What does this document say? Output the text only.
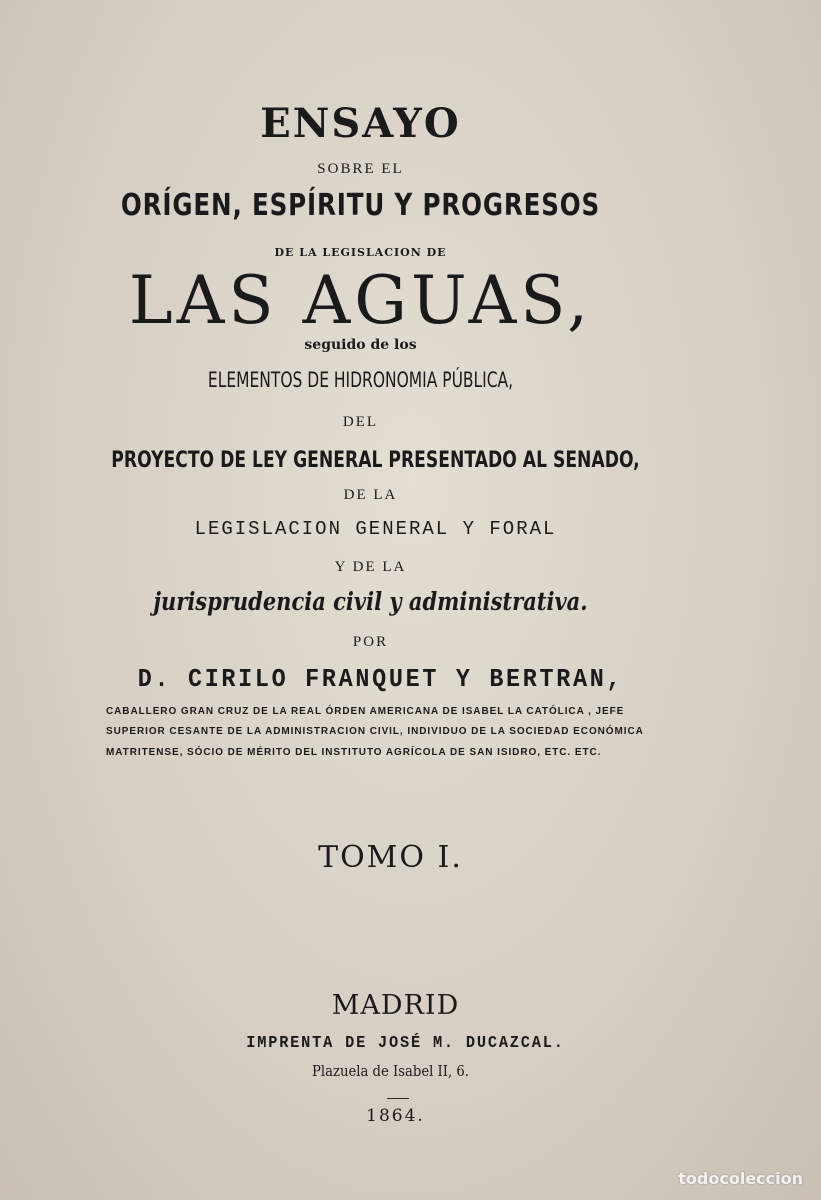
ENSAYO
SOBRE EL
ORÍGEN, ESPÍRITU Y PROGRESOS
DE LA LEGISLACION DE
LAS AGUAS,
seguido de los
ELEMENTOS DE HIDRONOMIA PÚBLICA,
DEL
PROYECTO DE LEY GENERAL PRESENTADO AL SENADO,
DE LA
LEGISLACION GENERAL Y FORAL
Y DE LA
jurisprudencia civil y administrativa.
POR
D. CIRILO FRANQUET Y BERTRAN,
CABALLERO GRAN CRUZ DE LA REAL ÓRDEN AMERICANA DE ISABEL LA CATÓLICA , JEFE
SUPERIOR CESANTE DE LA ADMINISTRACION CIVIL, INDIVIDUO DE LA SOCIEDAD ECONÓMICA
MATRITENSE, SÓCIO DE MÉRITO DEL INSTITUTO AGRÍCOLA DE SAN ISIDRO, ETC. ETC.
TOMO I.
MADRID
IMPRENTA DE JOSÉ M. DUCAZCAL.
Plazuela de Isabel II, 6.
1864.
todocoleccion
